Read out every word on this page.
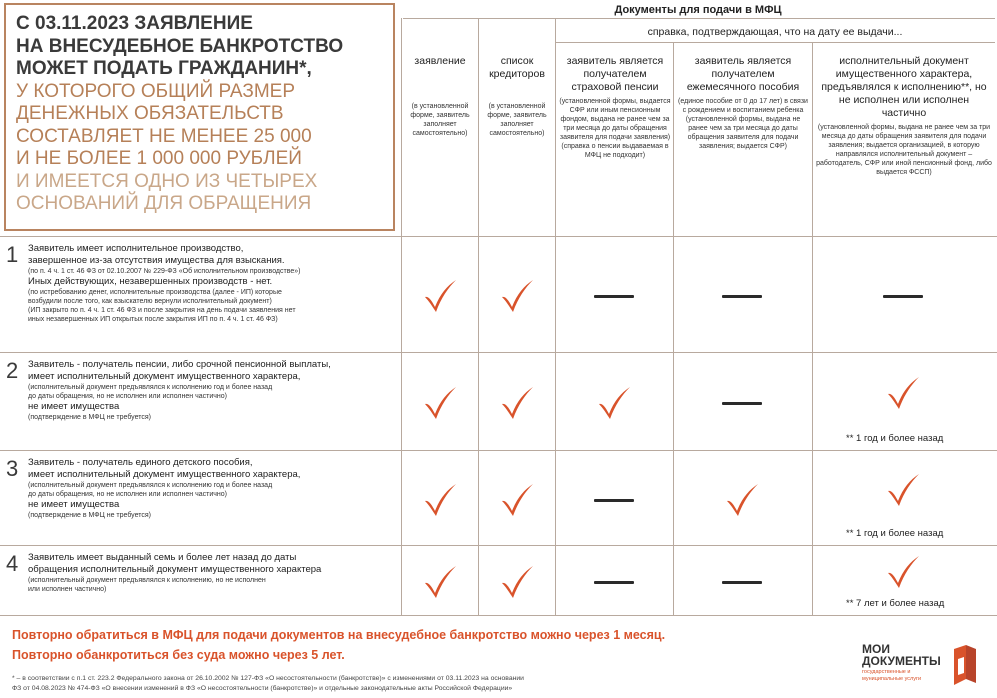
С 03.11.2023 ЗАЯВЛЕНИЕ
НА ВНЕСУДЕБНОЕ БАНКРОТСТВО
МОЖЕТ ПОДАТЬ ГРАЖДАНИН*,
У КОТОРОГО ОБЩИЙ РАЗМЕР
ДЕНЕЖНЫХ ОБЯЗАТЕЛЬСТВ
СОСТАВЛЯЕТ НЕ МЕНЕЕ 25 000
И НЕ БОЛЕЕ 1 000 000 РУБЛЕЙ
И ИМЕЕТСЯ ОДНО ИЗ ЧЕТЫРЕХ
ОСНОВАНИЙ ДЛЯ ОБРАЩЕНИЯ
Документы для подачи в МФЦ
справка, подтверждающая, что на дату ее выдачи...
заявление
(в установленной форме, заявитель заполняет самостоятельно)
список кредиторов
(в установленной форме, заявитель заполняет самостоятельно)
заявитель является получателем страховой пенсии
(установленной формы, выдается СФР или иным пенсионным фондом, выдана не ранее чем за три месяца до даты обращения заявителя для подачи заявления) (справка о пенсии выдаваемая в МФЦ не подходит)
заявитель является получателем ежемесячного пособия
(единое пособие от 0 до 17 лет) в связи с рождением и воспитанием ребенка (установленной формы, выдана не ранее чем за три месяца до даты обращения заявителя для подачи заявления; выдается СФР)
исполнительный документ имущественного характера, предъявлялся к исполнению**, но не исполнен или исполнен частично
(установленной формы, выдана не ранее чем за три месяца до даты обращения заявителя для подачи заявления; выдается организацией, в которую направлялся исполнительный документ – работодатель, СФР или иной пенсионный фонд, либо выдается ФССП)
1 Заявитель имеет исполнительное производство,
завершенное из-за отсутствия имущества для взыскания.
(по п. 4 ч. 1 ст. 46 ФЗ от 02.10.2007 № 229-ФЗ «Об исполнительном производстве»)
Иных действующих, незавершенных производств - нет.
(по истребованию денег, исполнительные производства (далее - ИП) которые
возбудили после того, как взыскателю вернули исполнительный документ)
(ИП закрыто по п. 4 ч. 1 ст. 46 ФЗ и после закрытия на день подачи заявления нет
иных незавершенных ИП открытых после закрытия ИП по п. 4 ч. 1 ст. 46 ФЗ)
2 Заявитель - получатель пенсии, либо срочной пенсионной выплаты,
имеет исполнительный документ имущественного характера,
(исполнительный документ предъявлялся к исполнению год и более назад
до даты обращения, но не исполнен или исполнен частично)
не имеет имущества
(подтверждение в МФЦ не требуется)
** 1 год и более назад
3 Заявитель - получатель единого детского пособия,
имеет исполнительный документ имущественного характера,
(исполнительный документ предъявлялся к исполнению год и более назад
до даты обращения, но не исполнен или исполнен частично)
не имеет имущества
(подтверждение в МФЦ не требуется)
** 1 год и более назад
4 Заявитель имеет выданный семь и более лет назад до даты
обращения исполнительный документ имущественного характера
(исполнительный документ предъявлялся к исполнению, но не исполнен
или исполнен частично)
** 7 лет и более назад
Повторно обратиться в МФЦ для подачи документов на внесудебное банкротство можно через 1 месяц.
Повторно обанкротиться без суда можно через 5 лет.
* – в соответствии с п.1 ст. 223.2 Федерального закона от 26.10.2002 № 127-ФЗ «О несостоятельности (банкротстве)» с изменениями от 03.11.2023 на основании
ФЗ от 04.08.2023 № 474-ФЗ «О внесении изменений в ФЗ «О несостоятельности (банкротстве)» и отдельные законодательные акты Российской Федерации»
МОИ
ДОКУМЕНТЫ
государственные и муниципальные услуги
